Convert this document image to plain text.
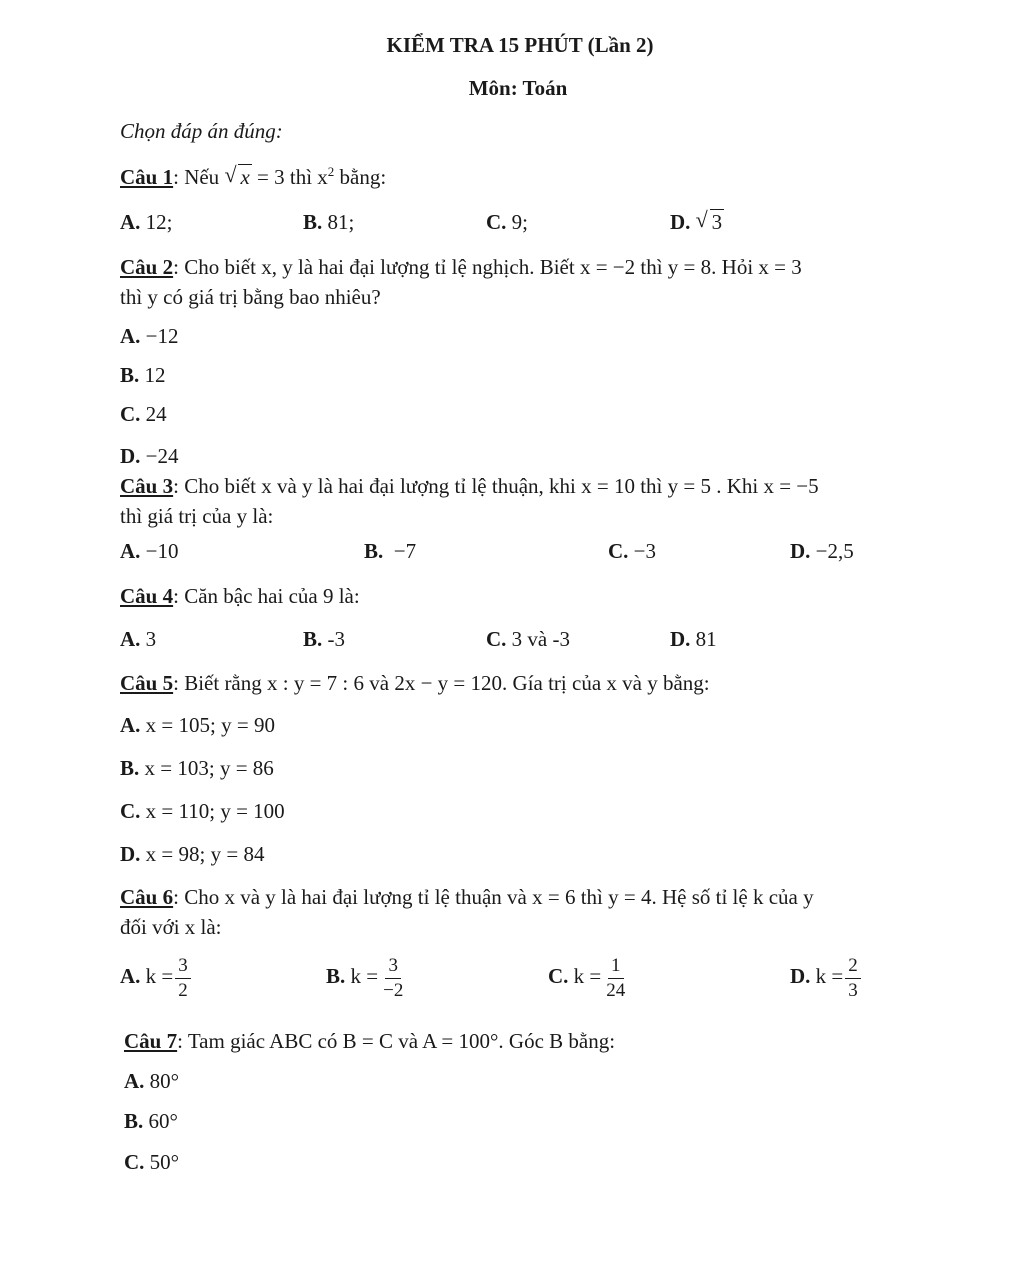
KIỂM TRA 15 PHÚT (Lần 2)
Môn: Toán
Chọn đáp án đúng:
Câu 1: Nếu √ x = 3 thì $x^2$ bằng:
A. 12;	B. 81;	C. 9;	D. √ 3
Câu 2: Cho biết x, y là hai đại lượng tỉ lệ nghịch. Biết x = −2 thì y = 8. Hỏi x = 3
thì y có giá trị bằng bao nhiêu?
A. −12
B. 12
C. 24
D. −24
Câu 3: Cho biết x và y là hai đại lượng tỉ lệ thuận, khi x = 10 thì y = 5 . Khi x = −5
thì giá trị của y là:
A. −10	B.  −7	C. −3	D. −2,5
Câu 4: Căn bậc hai của 9 là:
A. 3	B. -3	C. 3 và -3	D. 81
Câu 5: Biết rằng x : y = 7 : 6 và 2x − y = 120. Gía trị của x và y bằng:
A. x = 105; y = 90
B. x = 103; y = 86
C. x = 110; y = 100
D. x = 98; y = 84
Câu 6: Cho x và y là hai đại lượng tỉ lệ thuận và x = 6 thì y = 4. Hệ số tỉ lệ k của y
đối với x là:
A. $k = \frac{3}{2}$	B. $k = \frac{3}{-2}$	C. $k = \frac{1}{24}$	D. $k = \frac{2}{3}$
Câu 7: Tam giác ABC có B = C và A = 100°. Góc B bằng:
A. 80°
B. 60°
C. 50°
